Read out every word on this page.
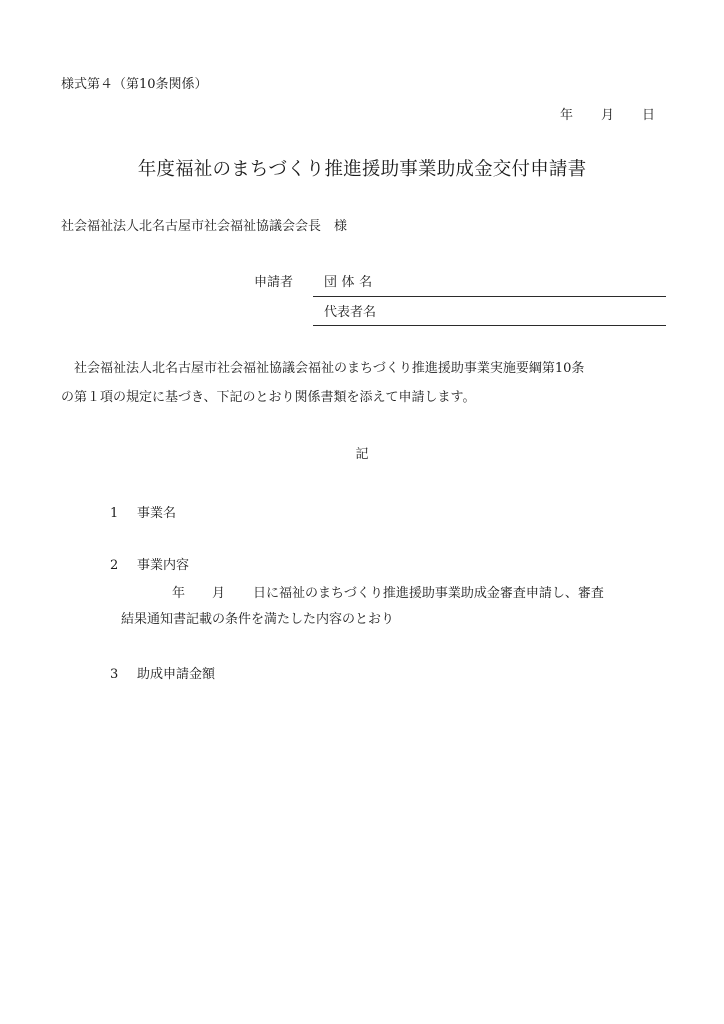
様式第４（第10条関係）
年 月 日
年度福祉のまちづくり推進援助事業助成金交付申請書
社会福祉法人北名古屋市社会福祉協議会会長　様
申請者 団 体 名
代表者名
社会福祉法人北名古屋市社会福祉協議会福祉のまちづくり推進援助事業実施要綱第10条
の第１項の規定に基づき、下記のとおり関係書類を添えて申請します。
記
1 事業名
2 事業内容
年 月 日に福祉のまちづくり推進援助事業助成金審査申請し、審査
結果通知書記載の条件を満たした内容のとおり
3 助成申請金額
